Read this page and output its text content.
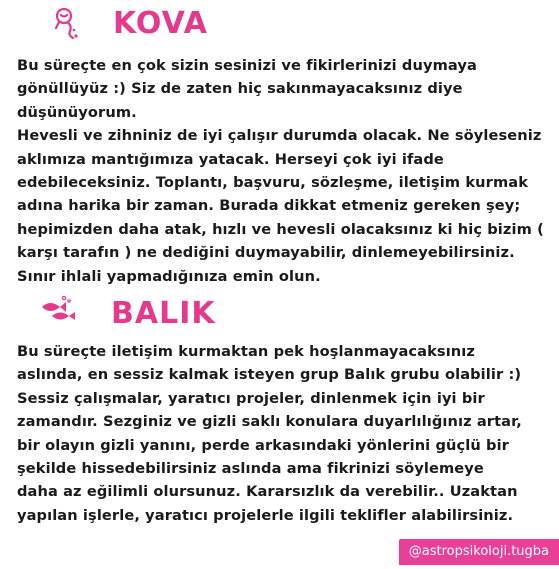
KOVA
Bu süreçte en çok sizin sesinizi ve fikirlerinizi duymaya
gönüllüyüz :) Siz de zaten hiç sakınmayacaksınız diye
düşünüyorum.
Hevesli ve zihniniz de iyi çalışır durumda olacak. Ne söyleseniz
aklımıza mantığımıza yatacak. Herseyi çok iyi ifade
edebileceksiniz. Toplantı, başvuru, sözleşme, iletişim kurmak
adına harika bir zaman. Burada dikkat etmeniz gereken şey;
hepimizden daha atak, hızlı ve hevesli olacaksınız ki hiç bizim (
karşı tarafın ) ne dediğini duymayabilir, dinlemeyebilirsiniz.
Sınır ihlali yapmadığınıza emin olun.
BALIK
Bu süreçte iletişim kurmaktan pek hoşlanmayacaksınız
aslında, en sessiz kalmak isteyen grup Balık grubu olabilir :)
Sessiz çalışmalar, yaratıcı projeler, dinlenmek için iyi bir
zamandır. Sezginiz ve gizli saklı konulara duyarlılığınız artar,
bir olayın gizli yanını, perde arkasındaki yönlerini güçlü bir
şekilde hissedebilirsiniz aslında ama fikrinizi söylemeye
daha az eğilimli olursunuz. Kararsızlık da verebilir.. Uzaktan
yapılan işlerle, yaratıcı projelerle ilgili teklifler alabilirsiniz.
@astropsikoloji.tugba
